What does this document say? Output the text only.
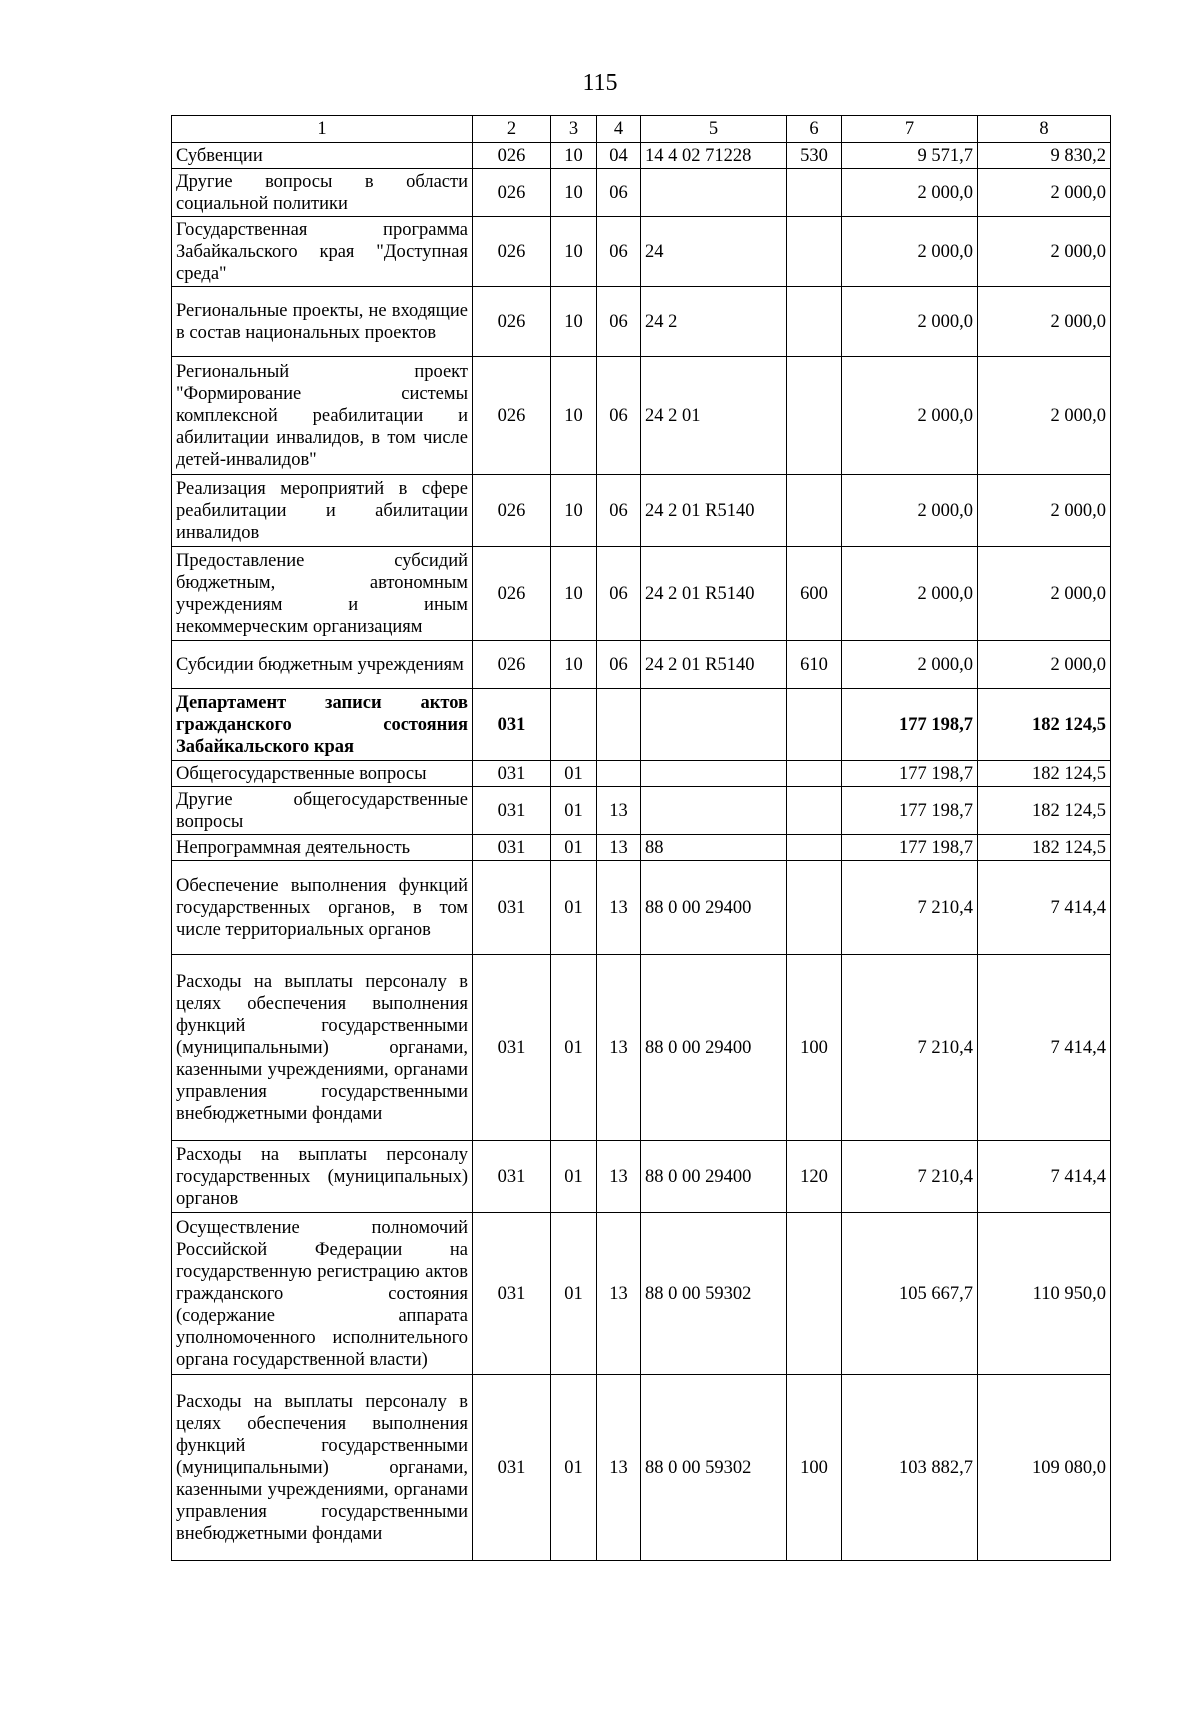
115
1	2	3	4	5	6	7	8
Субвенции	026	10	04	14 4 02 71228	530	9 571,7	9 830,2
Другие вопросы в области социальной политики	026	10	06			2 000,0	2 000,0
Государственная программа Забайкальского края "Доступная среда"	026	10	06	24		2 000,0	2 000,0
Региональные проекты, не входящие в состав национальных проектов	026	10	06	24 2		2 000,0	2 000,0
Региональный проект "Формирование системы комплексной реабилитации и абилитации инвалидов, в том числе детей-инвалидов"	026	10	06	24 2 01		2 000,0	2 000,0
Реализация мероприятий в сфере реабилитации и абилитации инвалидов	026	10	06	24 2 01 R5140		2 000,0	2 000,0
Предоставление субсидий бюджетным, автономным учреждениям и иным некоммерческим организациям	026	10	06	24 2 01 R5140	600	2 000,0	2 000,0
Субсидии бюджетным учреждениям	026	10	06	24 2 01 R5140	610	2 000,0	2 000,0
Департамент записи актов гражданского состояния Забайкальского края	031					177 198,7	182 124,5
Общегосударственные вопросы	031	01				177 198,7	182 124,5
Другие общегосударственные вопросы	031	01	13			177 198,7	182 124,5
Непрограммная деятельность	031	01	13	88		177 198,7	182 124,5
Обеспечение выполнения функций государственных органов, в том числе территориальных органов	031	01	13	88 0 00 29400		7 210,4	7 414,4
Расходы на выплаты персоналу в целях обеспечения выполнения функций государственными (муниципальными) органами, казенными учреждениями, органами управления государственными внебюджетными фондами	031	01	13	88 0 00 29400	100	7 210,4	7 414,4
Расходы на выплаты персоналу государственных (муниципальных) органов	031	01	13	88 0 00 29400	120	7 210,4	7 414,4
Осуществление полномочий Российской Федерации на государственную регистрацию актов гражданского состояния (содержание аппарата уполномоченного исполнительного органа государственной власти)	031	01	13	88 0 00 59302		105 667,7	110 950,0
Расходы на выплаты персоналу в целях обеспечения выполнения функций государственными (муниципальными) органами, казенными учреждениями, органами управления государственными внебюджетными фондами	031	01	13	88 0 00 59302	100	103 882,7	109 080,0
